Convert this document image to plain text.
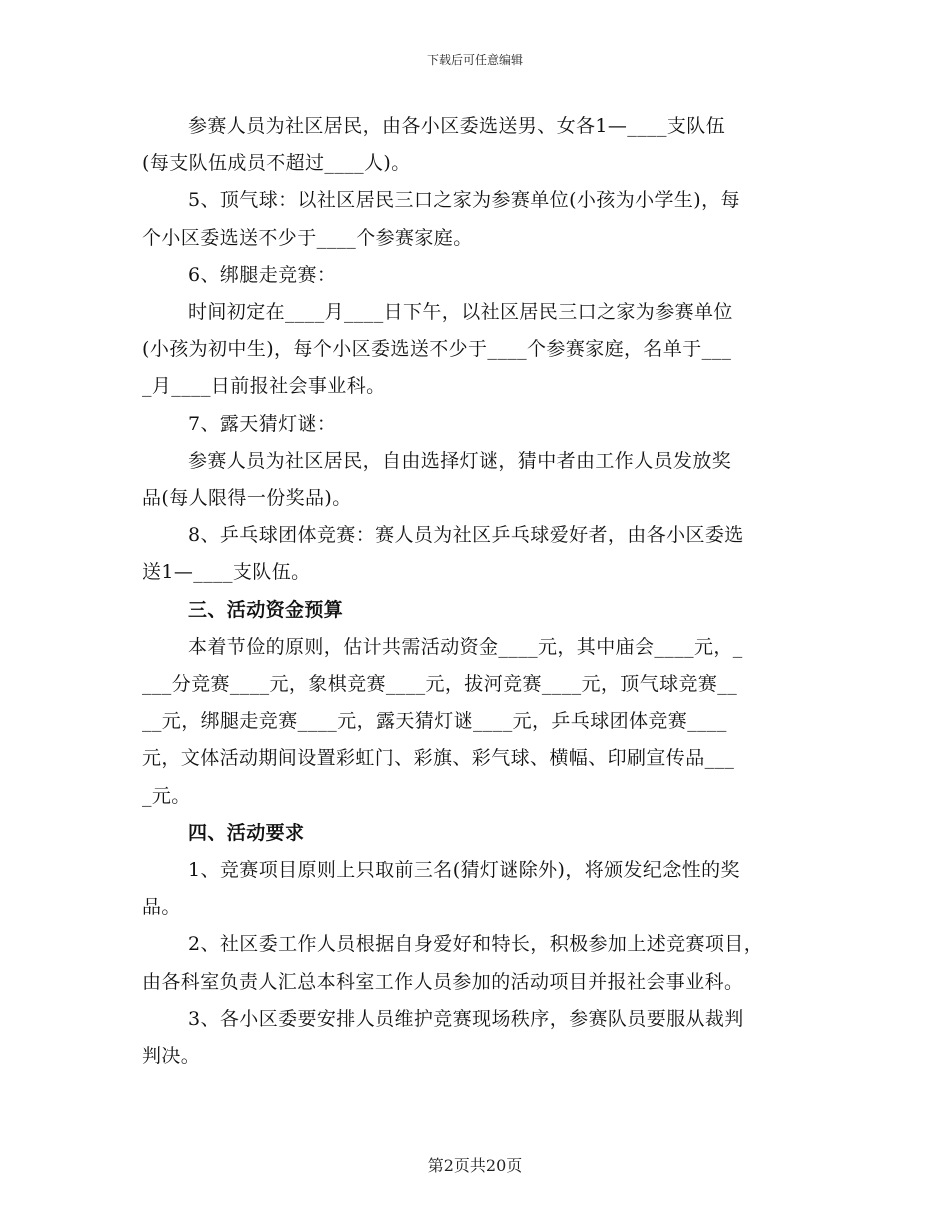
下载后可任意编辑

参赛人员为社区居民，由各小区委选送男、女各1—____支队伍

(每支队伍成员不超过____人)。

5、顶气球：以社区居民三口之家为参赛单位(小孩为小学生)，每

个小区委选送不少于____个参赛家庭。

6、绑腿走竞赛：

时间初定在____月____日下午，以社区居民三口之家为参赛单位

(小孩为初中生)，每个小区委选送不少于____个参赛家庭，名单于___

_月____日前报社会事业科。

7、露天猜灯谜：

参赛人员为社区居民，自由选择灯谜，猜中者由工作人员发放奖

品(每人限得一份奖品)。

8、乒乓球团体竞赛：赛人员为社区乒乓球爱好者，由各小区委选

送1—____支队伍。

三、活动资金预算

本着节俭的原则，估计共需活动资金____元，其中庙会____元，_

___分竞赛____元，象棋竞赛____元，拔河竞赛____元，顶气球竞赛__

__元，绑腿走竞赛____元，露天猜灯谜____元，乒乓球团体竞赛____

元，文体活动期间设置彩虹门、彩旗、彩气球、横幅、印刷宣传品___

_元。

四、活动要求

1、竞赛项目原则上只取前三名(猜灯谜除外)，将颁发纪念性的奖

品。

2、社区委工作人员根据自身爱好和特长，积极参加上述竞赛项目，

由各科室负责人汇总本科室工作人员参加的活动项目并报社会事业科。

3、各小区委要安排人员维护竞赛现场秩序，参赛队员要服从裁判

判决。

第2页共20页
